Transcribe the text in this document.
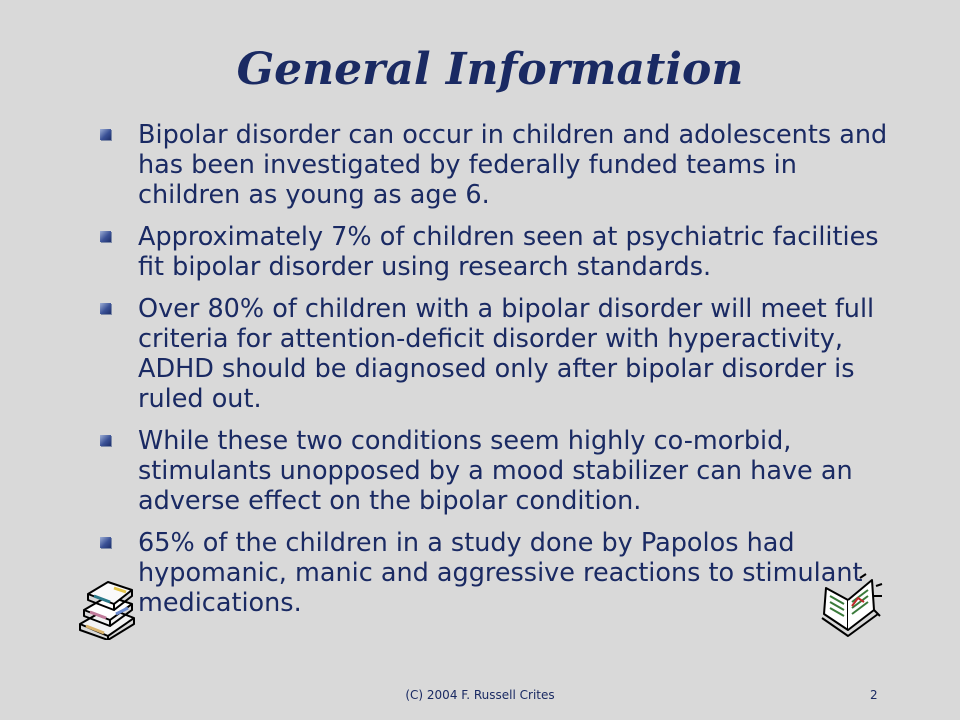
General Information
Bipolar disorder can occur in children and adolescents and has been investigated by federally funded teams in children as young as age 6.
Approximately 7% of children seen at psychiatric facilities fit bipolar disorder using research standards.
Over 80% of children with a bipolar disorder will meet full criteria for attention-deficit disorder with hyperactivity, ADHD should be diagnosed only after bipolar disorder is ruled out.
While these two conditions seem highly co-morbid, stimulants unopposed by a mood stabilizer can have an adverse effect on the bipolar condition.
65% of the children in a study done by Papolos had hypomanic, manic and aggressive reactions to stimulant medications.
(C) 2004 F. Russell Crites	2
